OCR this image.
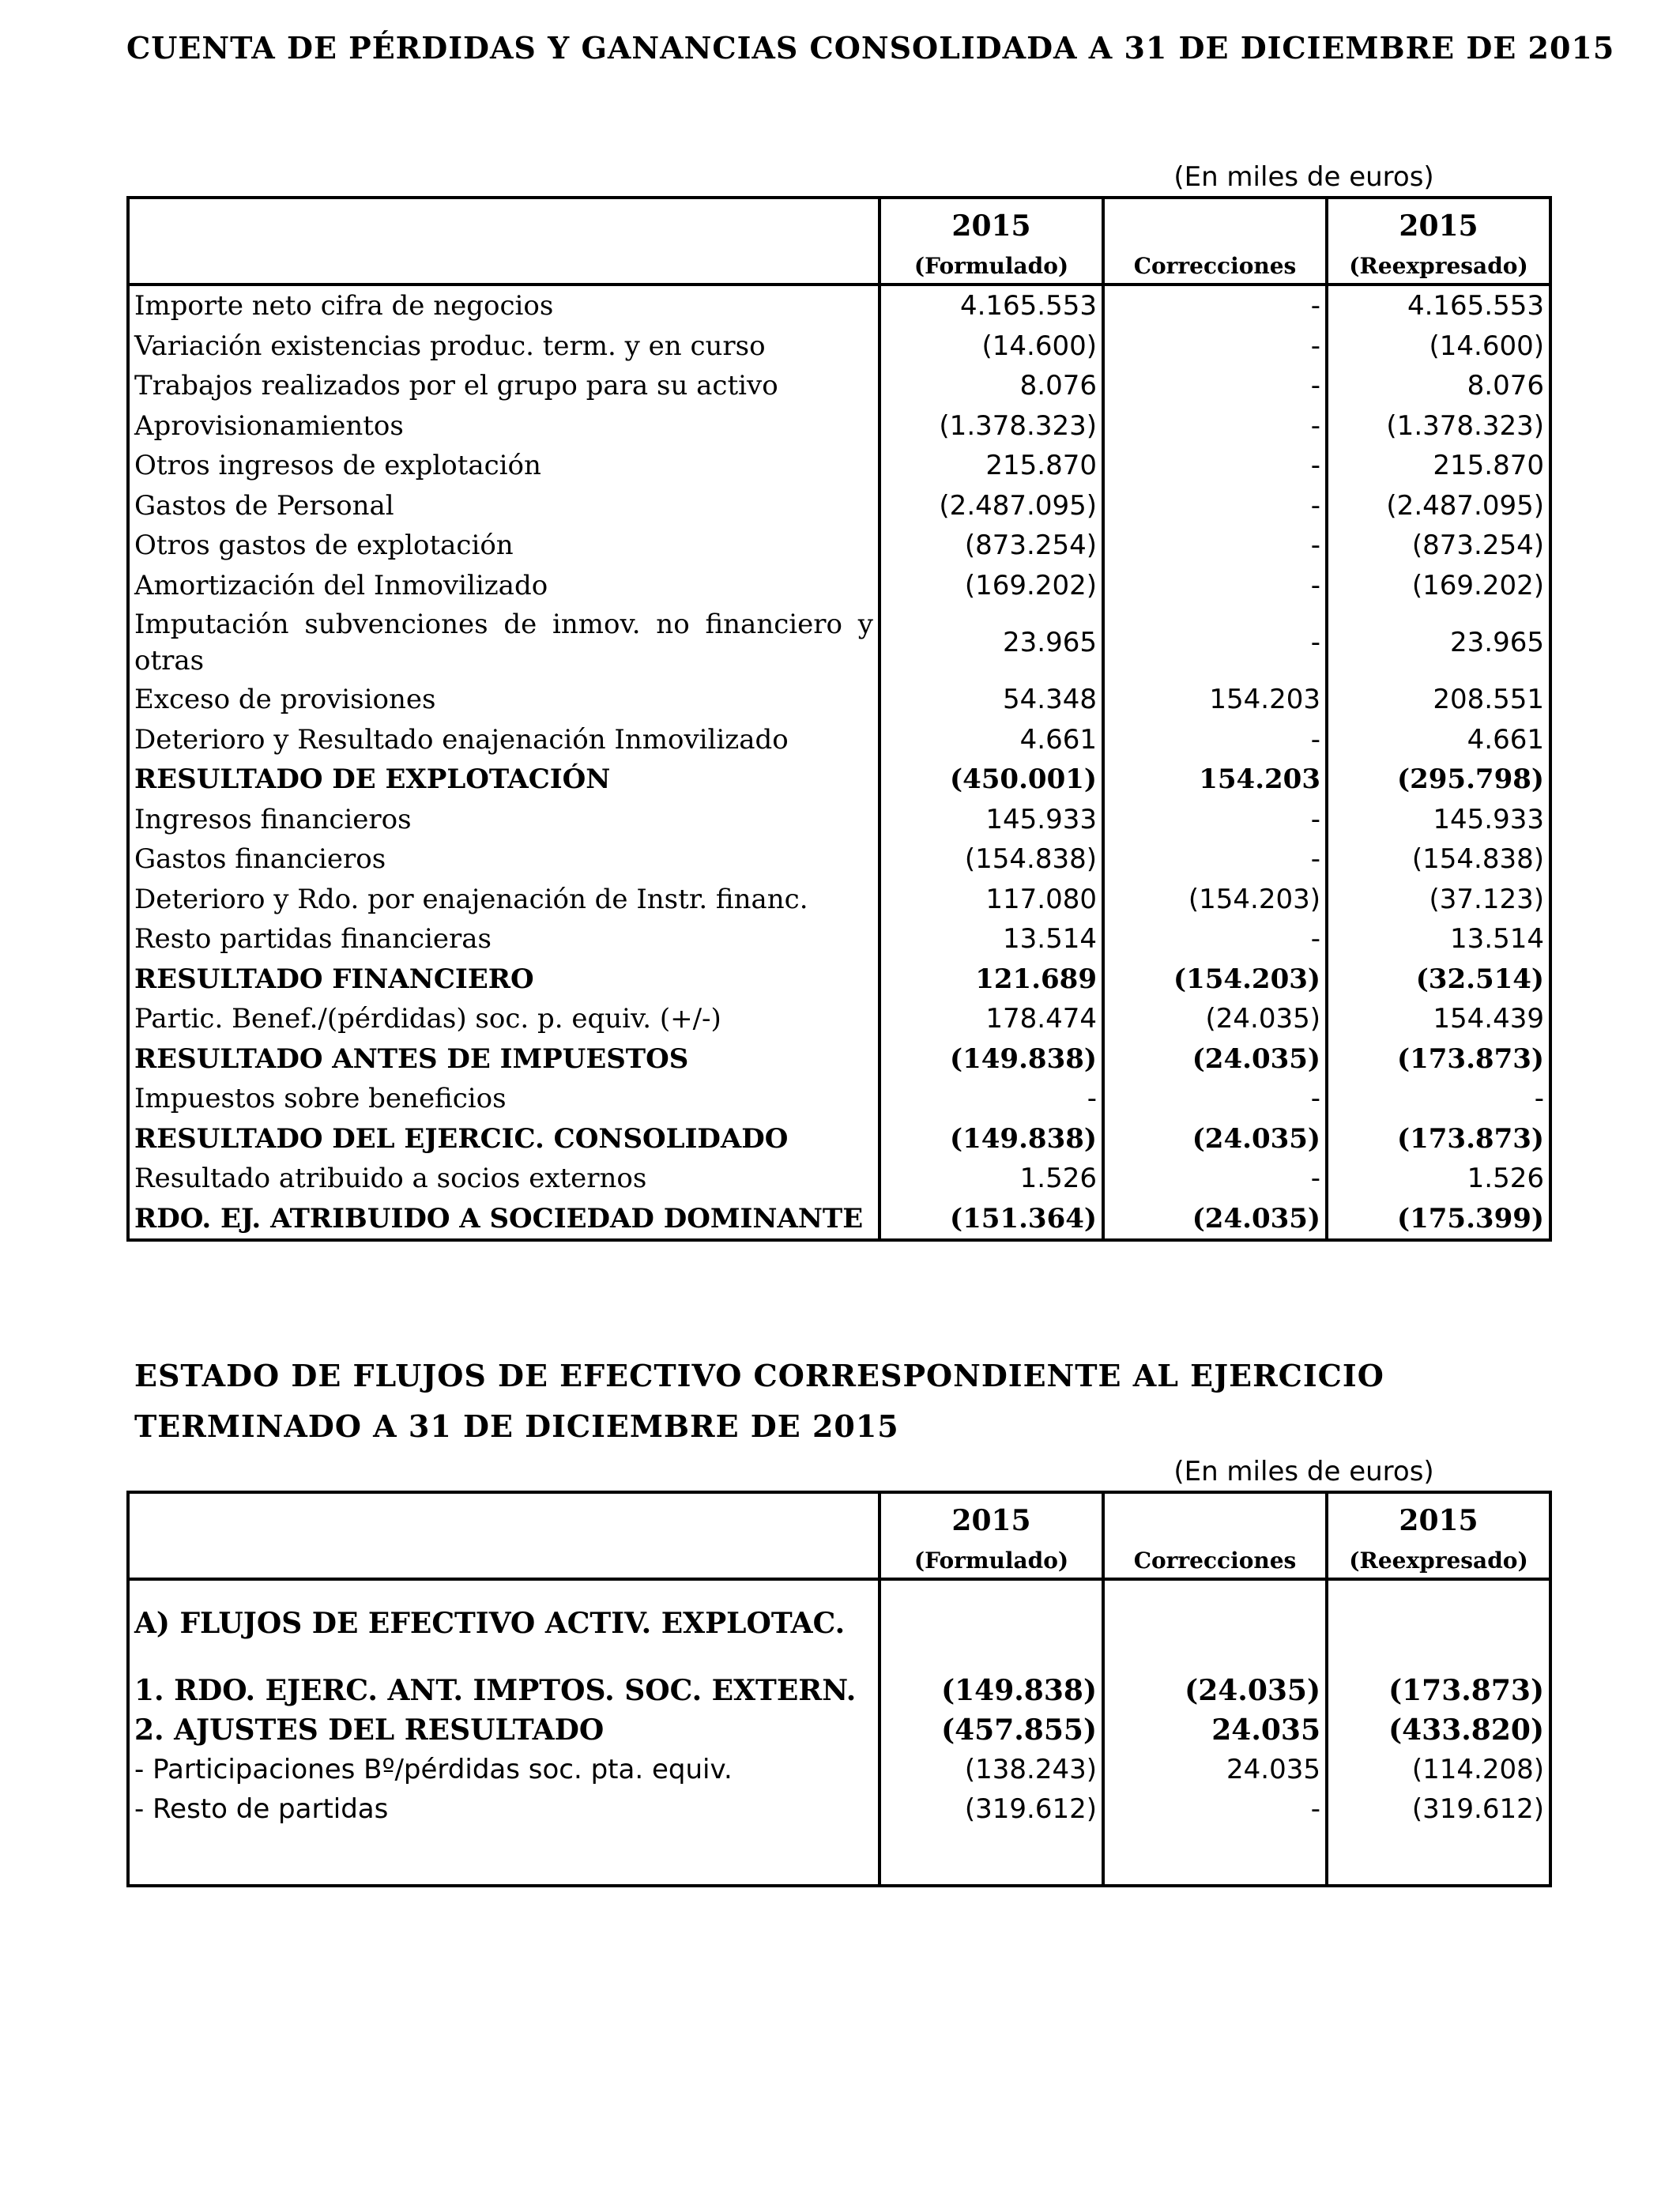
CUENTA DE PÉRDIDAS Y GANANCIAS CONSOLIDADA A 31 DE DICIEMBRE DE 2015
(En miles de euros)
	2015		2015
	(Formulado)	Correcciones	(Reexpresado)
Importe neto cifra de negocios	4.165.553	-	4.165.553
Variación existencias produc. term. y en curso	(14.600)	-	(14.600)
Trabajos realizados por el grupo para su activo	8.076	-	8.076
Aprovisionamientos	(1.378.323)	-	(1.378.323)
Otros ingresos de explotación	215.870	-	215.870
Gastos de Personal	(2.487.095)	-	(2.487.095)
Otros gastos de explotación	(873.254)	-	(873.254)
Amortización del Inmovilizado	(169.202)	-	(169.202)
Imputación subvenciones de inmov. no financiero y otras	23.965	-	23.965
Exceso de provisiones	54.348	154.203	208.551
Deterioro y Resultado enajenación Inmovilizado	4.661	-	4.661
RESULTADO DE EXPLOTACIÓN	(450.001)	154.203	(295.798)
Ingresos financieros	145.933	-	145.933
Gastos financieros	(154.838)	-	(154.838)
Deterioro y Rdo. por enajenación de Instr. financ.	117.080	(154.203)	(37.123)
Resto partidas financieras	13.514	-	13.514
RESULTADO FINANCIERO	121.689	(154.203)	(32.514)
Partic. Benef./(pérdidas) soc. p. equiv. (+/-)	178.474	(24.035)	154.439
RESULTADO ANTES DE IMPUESTOS	(149.838)	(24.035)	(173.873)
Impuestos sobre beneficios	-	-	-
RESULTADO DEL EJERCIC. CONSOLIDADO	(149.838)	(24.035)	(173.873)
Resultado atribuido a socios externos	1.526	-	1.526
RDO. EJ. ATRIBUIDO A SOCIEDAD DOMINANTE	(151.364)	(24.035)	(175.399)
ESTADO DE FLUJOS DE EFECTIVO CORRESPONDIENTE AL EJERCICIO
TERMINADO A 31 DE DICIEMBRE DE 2015
(En miles de euros)
	2015		2015
	(Formulado)	Correcciones	(Reexpresado)

A) FLUJOS DE EFECTIVO ACTIV. EXPLOTAC.			

1. RDO. EJERC. ANT. IMPTOS. SOC. EXTERN.	(149.838)	(24.035)	(173.873)
2. AJUSTES DEL RESULTADO	(457.855)	24.035	(433.820)
- Participaciones Bº/pérdidas soc. pta. equiv.	(138.243)	24.035	(114.208)
- Resto de partidas	(319.612)	-	(319.612)
